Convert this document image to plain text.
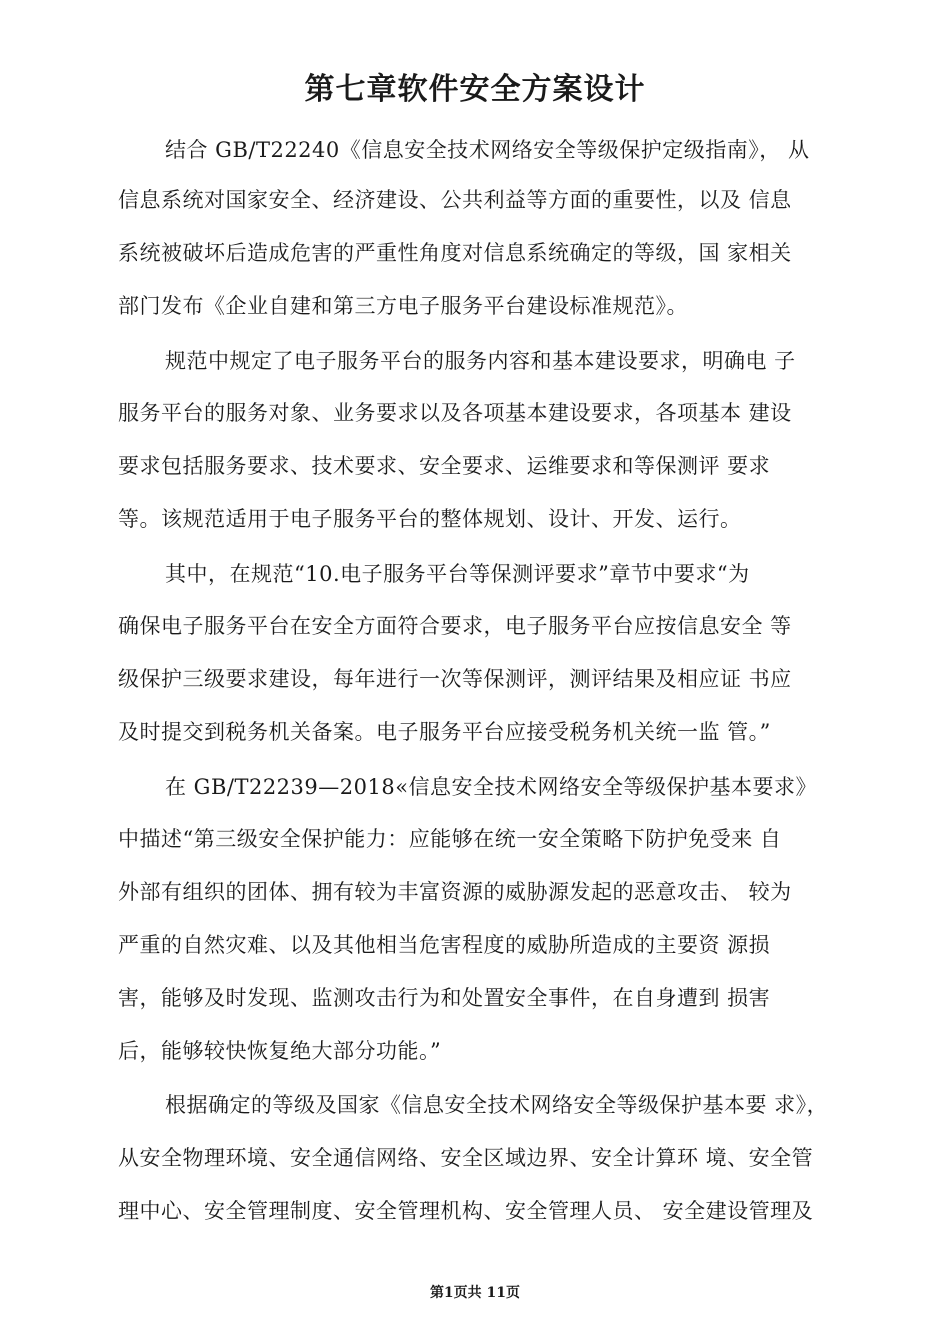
第七章软件安全方案设计

结合 GB/T22240《信息安全技术网络安全等级保护定级指南》， 从

信息系统对国家安全、经济建设、公共利益等方面的重要性，以及 信息

系统被破坏后造成危害的严重性角度对信息系统确定的等级，国 家相关

部门发布《企业自建和第三方电子服务平台建设标准规范》。

规范中规定了电子服务平台的服务内容和基本建设要求，明确电 子

服务平台的服务对象、业务要求以及各项基本建设要求，各项基本 建设

要求包括服务要求、技术要求、安全要求、运维要求和等保测评 要求

等。该规范适用于电子服务平台的整体规划、设计、开发、运行。

其中，在规范“10.电子服务平台等保测评要求”章节中要求“为

确保电子服务平台在安全方面符合要求，电子服务平台应按信息安全 等

级保护三级要求建设，每年进行一次等保测评，测评结果及相应证 书应

及时提交到税务机关备案。电子服务平台应接受税务机关统一监 管。”

在 GB/T22239—2018«信息安全技术网络安全等级保护基本要求》

中描述“第三级安全保护能力：应能够在统一安全策略下防护免受来 自

外部有组织的团体、拥有较为丰富资源的威胁源发起的恶意攻击、 较为

严重的自然灾难、以及其他相当危害程度的威胁所造成的主要资 源损

害，能够及时发现、监测攻击行为和处置安全事件，在自身遭到 损害

后，能够较快恢复绝大部分功能。”

根据确定的等级及国家《信息安全技术网络安全等级保护基本要 求》，

从安全物理环境、安全通信网络、安全区域边界、安全计算环 境、安全管

理中心、安全管理制度、安全管理机构、安全管理人员、 安全建设管理及

第1页共 11页
